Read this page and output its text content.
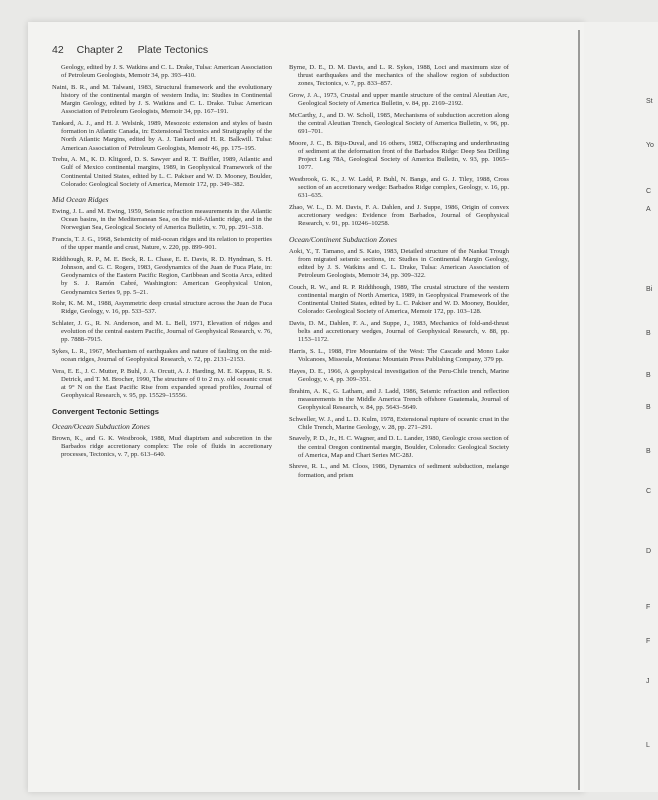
42 Chapter 2 Plate Tectonics
Geology, edited by J. S. Watkins and C. L. Drake, Tulsa: American Association of Petroleum Geologists, Memoir 34, pp. 393–410.
Naini, B. R., and M. Talwani, 1983, Structural framework and the evolutionary history of the continental margin of western India, in: Studies in Continental Margin Geology, edited by J. S. Watkins and C. L. Drake. Tulsa: American Association of Petroleum Geologists, Memoir 34, pp. 167–191.
Tankard, A. J., and H. J. Welsink, 1989, Mesozoic extension and styles of basin formation in Atlantic Canada, in: Extensional Tectonics and Stratigraphy of the North Atlantic Margins, edited by A. J. Tankard and H. R. Balkwill. Tulsa: American Association of Petroleum Geologists, Memoir 46, pp. 175–195.
Trehu, A. M., K. D. Klitgord, D. S. Sawyer and R. T. Buffler, 1989, Atlantic and Gulf of Mexico continental margins, 1989, in Geophysical Framework of the Continental United States, edited by L. C. Pakiser and W. D. Mooney, Boulder, Colorado: Geological Society of America, Memoir 172, pp. 349–382.
Mid Ocean Ridges
Ewing, J. L. and M. Ewing, 1959, Seismic refraction measurements in the Atlantic Ocean basins, in the Mediterranean Sea, on the mid-Atlantic ridge, and in the Norwegian Sea, Geological Society of America Bulletin, v. 70, pp. 291–318.
Francis, T. J. G., 1968, Seismicity of mid-ocean ridges and its relation to properties of the upper mantle and crust, Nature, v. 220, pp. 899–901.
Riddihough, R. P., M. E. Beck, R. L. Chase, E. E. Davis, R. D. Hyndman, S. H. Johnson, and G. C. Rogers, 1983, Geodynamics of the Juan de Fuca Plate, in: Geodynamics of the Eastern Pacific Region, Caribbean and Scotia Arcs, edited by S. J. Ramón Cabré, Washington: American Geophysical Union, Geodynamics Series 9, pp. 5–21.
Rohr, K. M. M., 1988, Asymmetric deep crustal structure across the Juan de Fuca Ridge, Geology, v. 16, pp. 533–537.
Schlater, J. G., R. N. Anderson, and M. L. Bell, 1971, Elevation of ridges and evolution of the central eastern Pacific, Journal of Geophysical Research, v. 76, pp. 7888–7915.
Sykes, L. R., 1967, Mechanism of earthquakes and nature of faulting on the mid-ocean ridges, Journal of Geophysical Research, v. 72, pp. 2131–2153.
Vera, E. E., J. C. Mutter, P. Buhl, J. A. Orcutt, A. J. Harding, M. E. Kappus, R. S. Detrick, and T. M. Brocher, 1990, The structure of 0 to 2 m.y. old oceanic crust at 9° N on the East Pacific Rise from expanded spread profiles, Journal of Geophysical Research, v. 95, pp. 15529–15556.
Convergent Tectonic Settings
Ocean/Ocean Subduction Zones
Brown, K., and G. K. Westbrook, 1988, Mud diapirism and subcretion in the Barbados ridge accretionary complex: The role of fluids in accretionary processes, Tectonics, v. 7, pp. 613–640.
Byrne, D. E., D. M. Davis, and L. R. Sykes, 1988, Loci and maximum size of thrust earthquakes and the mechanics of the shallow region of subduction zones, Tectonics, v. 7, pp. 833–857.
Grow, J. A., 1973, Crustal and upper mantle structure of the central Aleutian Arc, Geological Society of America Bulletin, v. 84, pp. 2169–2192.
McCarthy, J., and D. W. Scholl, 1985, Mechanisms of subduction accretion along the central Aleutian Trench, Geological Society of America Bulletin, v. 96, pp. 691–701.
Moore, J. C., B. Biju-Duval, and 16 others, 1982, Offscraping and underthrusting of sediment at the deformation front of the Barbados Ridge: Deep Sea Drilling Project Leg 78A, Geological Society of America Bulletin, v. 93, pp. 1065–1077.
Westbrook, G. K., J. W. Ladd, P. Buhl, N. Bangs, and G. J. Tiley, 1988, Cross section of an accretionary wedge: Barbados Ridge complex, Geology, v. 16, pp. 631–635.
Zhao, W. L., D. M. Davis, F. A. Dahlen, and J. Suppe, 1986, Origin of convex accretionary wedges: Evidence from Barbados, Journal of Geophysical Research, v. 91, pp. 10246–10258.
Ocean/Continent Subduction Zones
Aoki, Y., T. Tamano, and S. Kato, 1983, Detailed structure of the Nankai Trough from migrated seismic sections, in: Studies in Continental Margin Geology, edited by J. S. Watkins and C. L. Drake, Tulsa: American Association of Petroleum Geologists, Memoir 34, pp. 309–322.
Couch, R. W., and R. P. Riddihough, 1989, The crustal structure of the western continental margin of North America, 1989, in Geophysical Framework of the Continental United States, edited by L. C. Pakiser and W. D. Mooney, Boulder, Colorado: Geological Society of America, Memoir 172, pp. 103–128.
Davis, D. M., Dahlen, F. A., and Suppe, J., 1983, Mechanics of fold-and-thrust belts and accretionary wedges, Journal of Geophysical Research, v. 88, pp. 1153–1172.
Harris, S. L., 1988, Fire Mountains of the West: The Cascade and Mono Lake Volcanoes, Missoula, Montana: Mountain Press Publishing Company, 379 pp.
Hayes, D. E., 1966, A geophysical investigation of the Peru-Chile trench, Marine Geology, v. 4, pp. 309–351.
Ibrahim, A. K., G. Latham, and J. Ladd, 1986, Seismic refraction and reflection measurements in the Middle America Trench offshore Guatemala, Journal of Geophysical Research, v. 84, pp. 5643–5649.
Schweller, W. J., and L. D. Kulm, 1978, Extensional rupture of oceanic crust in the Chile Trench, Marine Geology, v. 28, pp. 271–291.
Snavely, P. D., Jr., H. C. Wagner, and D. L. Lander, 1980, Geologic cross section of the central Oregon continental margin, Boulder, Colorado: Geological Society of America, Map and Chart Series MC-28J.
Shreve, R. L., and M. Cloos, 1986, Dynamics of sediment subduction, melange formation, and prism
St
Yo
C
A
Bi
B
B
B
B
C
D
F
F
J
L
